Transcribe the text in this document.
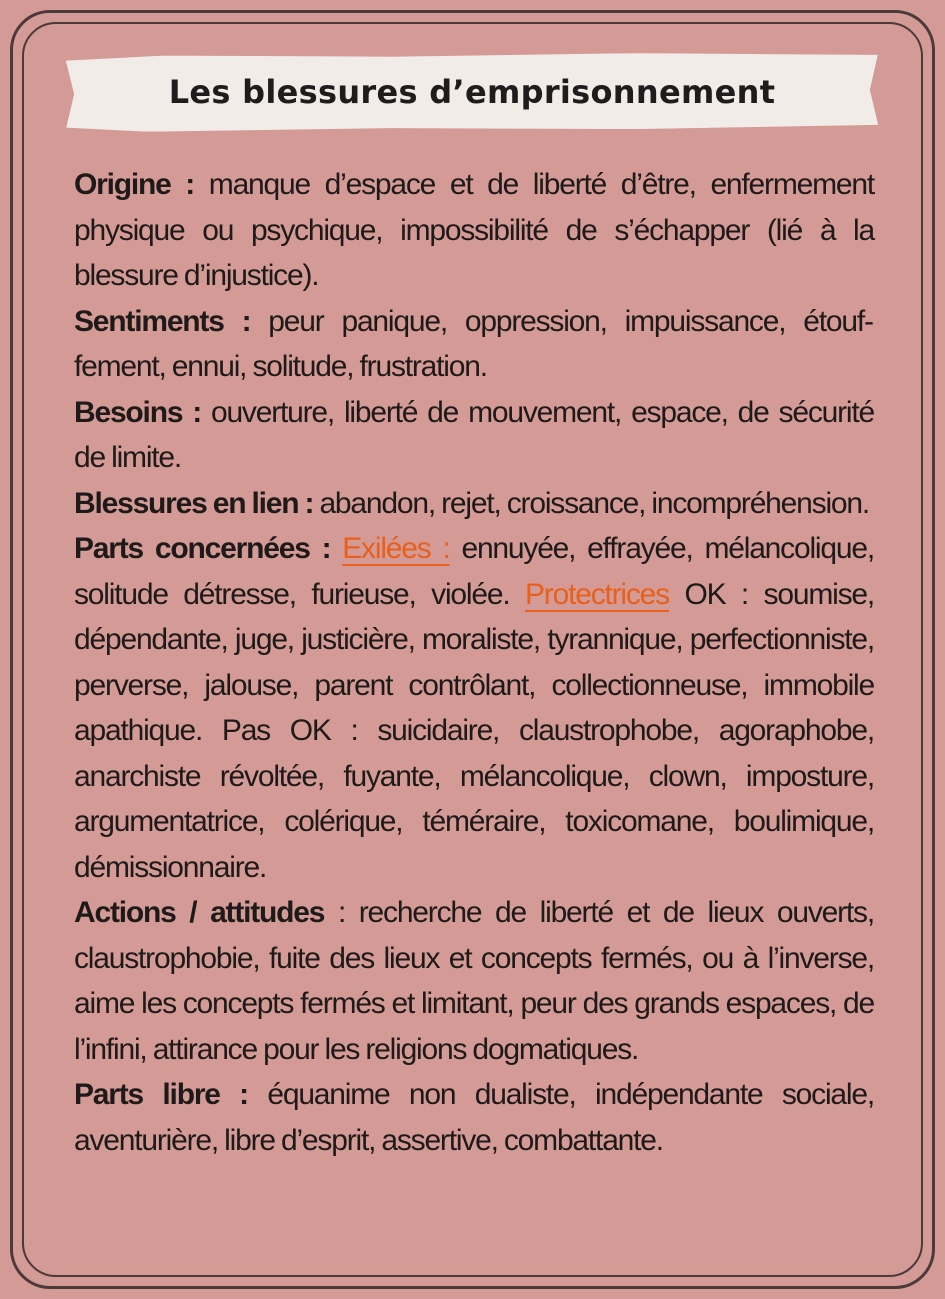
Les blessures d’emprisonnement

Origine : manque d’espace et de liberté d’être, enfermement physique ou psychique, impossibilité de s’échapper (lié à la blessure d’injustice).

Sentiments : peur panique, oppression, impuissance, étouffement, ennui, solitude, frustration.

Besoins : ouverture, liberté de mouvement, espace, de sécurité de limite.

Blessures en lien : abandon, rejet, croissance, incompréhension.

Parts concernées : Exilées : ennuyée, effrayée, mélancolique, solitude détresse, furieuse, violée. Protectrices OK : soumise, dépendante, juge, justicière, moraliste, tyrannique, perfectionniste, perverse, jalouse, parent contrôlant, collectionneuse, immobile apathique. Pas OK : suicidaire, claustrophobe, agoraphobe, anarchiste révoltée, fuyante, mélancolique, clown, imposture, argumentatrice, colérique, téméraire, toxicomane, boulimique, démissionnaire.

Actions / attitudes : recherche de liberté et de lieux ouverts, claustrophobie, fuite des lieux et concepts fermés, ou à l’inverse, aime les concepts fermés et limitant, peur des grands espaces, de l’infini, attirance pour les religions dogmatiques.

Parts libre : équanime non dualiste, indépendante sociale, aventurière, libre d’esprit, assertive, combattante.
